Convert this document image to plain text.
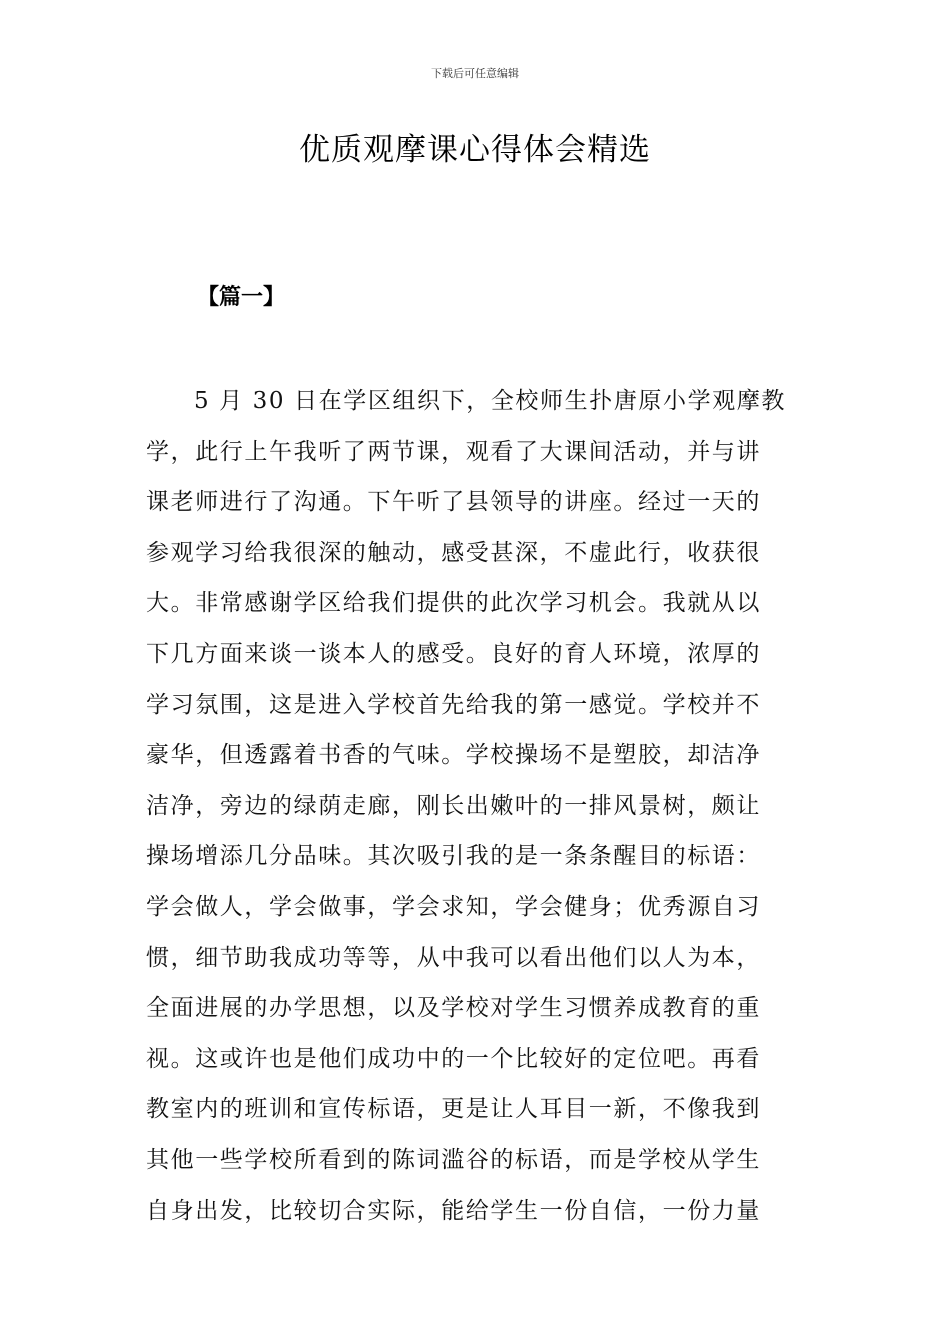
下载后可任意编辑
优质观摩课心得体会精选
【篇一】
5 月 30 日在学区组织下，全校师生扑唐原小学观摩教
学，此行上午我听了两节课，观看了大课间活动，并与讲
课老师进行了沟通。下午听了县领导的讲座。经过一天的
参观学习给我很深的触动，感受甚深，不虚此行，收获很
大。非常感谢学区给我们提供的此次学习机会。我就从以
下几方面来谈一谈本人的感受。良好的育人环境，浓厚的
学习氛围，这是进入学校首先给我的第一感觉。学校并不
豪华，但透露着书香的气味。学校操场不是塑胶，却洁净
洁净，旁边的绿荫走廊，刚长出嫩叶的一排风景树，颇让
操场增添几分品味。其次吸引我的是一条条醒目的标语：
学会做人，学会做事，学会求知，学会健身；优秀源自习
惯，细节助我成功等等，从中我可以看出他们以人为本，
全面进展的办学思想，以及学校对学生习惯养成教育的重
视。这或许也是他们成功中的一个比较好的定位吧。再看
教室内的班训和宣传标语，更是让人耳目一新，不像我到
其他一些学校所看到的陈词滥谷的标语，而是学校从学生
自身出发，比较切合实际，能给学生一份自信，一份力量
